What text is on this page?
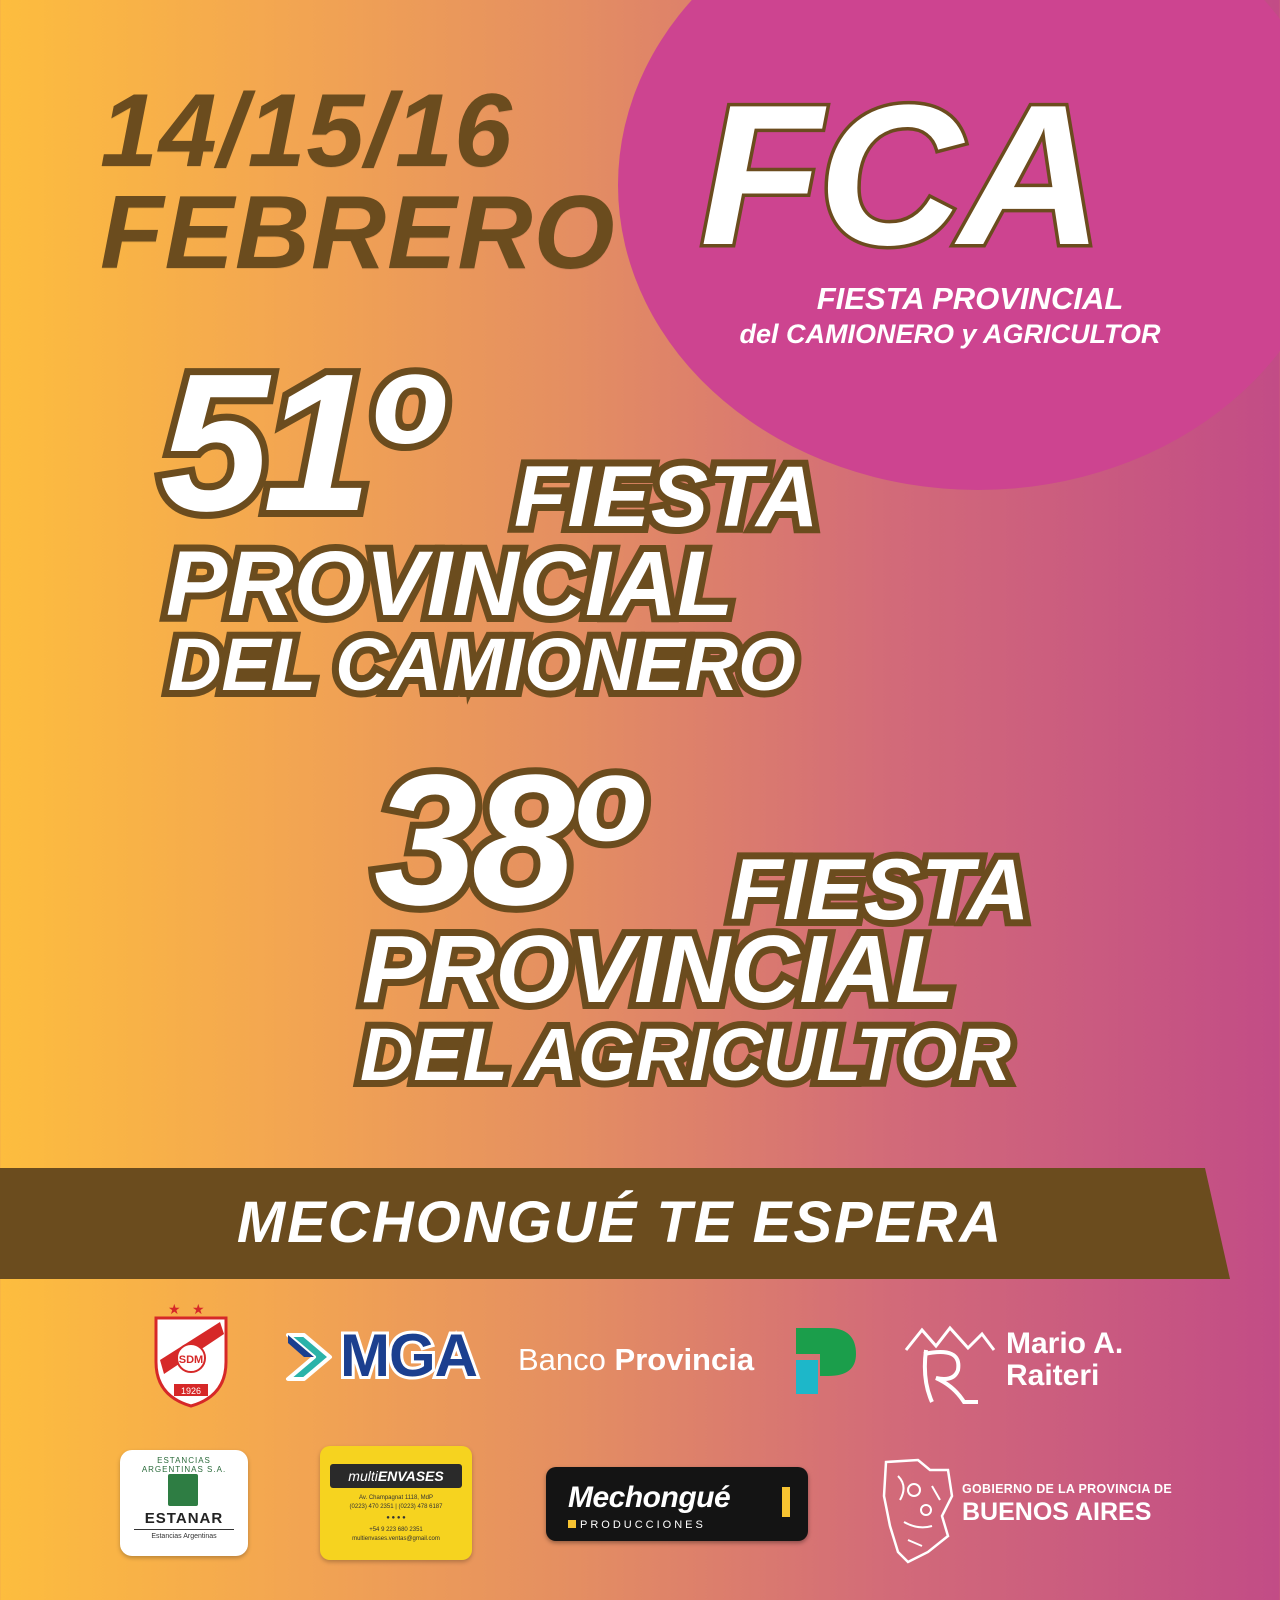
14/15/16
FEBRERO FCA
FIESTA PROVINCIAL
del CAMIONERO y AGRICULTOR
51º FIESTA
PROVINCIAL
DEL CAMIONERO
38º FIESTA
PROVINCIAL
DEL AGRICULTOR
MECHONGUÉ TE ESPERA
★ ★
SDM
1926
MGA Banco Provincia	Mario A.
Raiteri
ESTANCIAS ARGENTINAS S.A.
ESTANAR
Estancias Argentinas
multiENVASES
Av. Champagnat 1118, MdP
(0223) 470 2351 | (0223) 478 6187
● ● ● ●
+54 9 223 680 2351
multienvases.ventas@gmail.com
Mechongué
PRODUCCIONES
GOBIERNO DE LA PROVINCIA DE
BUENOS AIRES
